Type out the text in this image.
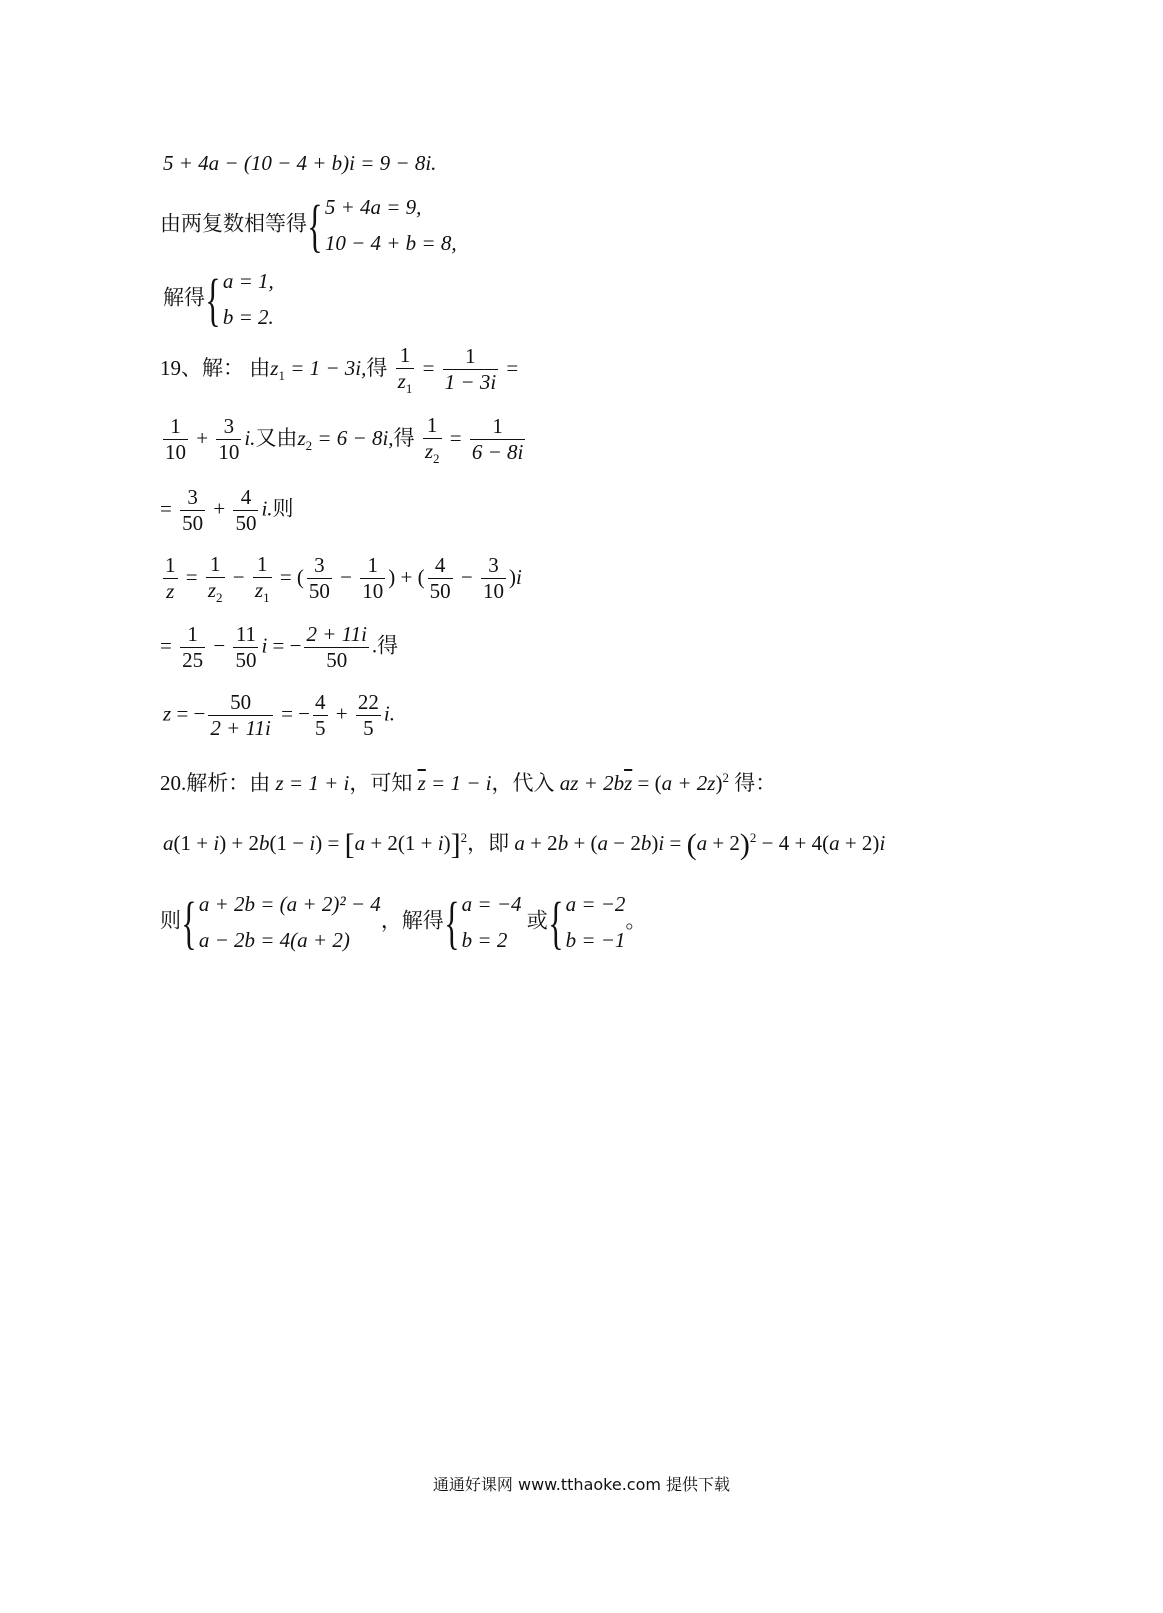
5 + 4a − (10 − 4 + b)i = 9 − 8i.
由两复数相等得{ 5 + 4a = 9,
10 − 4 + b = 8,
解得{ a = 1,
b = 2.
19、解： 由$z_1 = 1 - 3i$,得 $\frac{1}{z_1} = \frac{1}{1 - 3i}$ =
$\frac{1}{10} + \frac{3}{10} i$.又由$z_2 = 6 - 8i$,得 $\frac{1}{z_2} = \frac{1}{6 - 8i}$
= $\frac{3}{50} + \frac{4}{50} i$.则
$\frac{1}{z} = \frac{1}{z_2} - \frac{1}{z_1}$ = ( $\frac{3}{50} - \frac{1}{10}$ ) + ( $\frac{4}{50} - \frac{3}{10} )i$
= $\frac{1}{25} - \frac{11}{50}$ i = − $\frac{2 + 11i}{50}$ .得
z = − $\frac{50}{2 + 11i}$ = − $\frac{4}{5} + \frac{22}{5} i$.
20.解析：由 z = 1 + i，可知 $\overline{z} = 1 - i$，代入 az + $2b\overline{z} = (a + 2z)^2$ 得：
$a(1 + i) + 2b(1 - i) = [a + 2(1 + i)]^2$，即 $a + 2b + (a - 2b)i = (a + 2)^2 - 4 + 4(a + 2)i$
则{ a + 2b = (a + 2)² − 4
a − 2b = 4(a + 2)
，解得{ a = −4
b = 2
或{ a = −2
b = −1
。
通通好课网 www.tthaoke.com 提供下载
